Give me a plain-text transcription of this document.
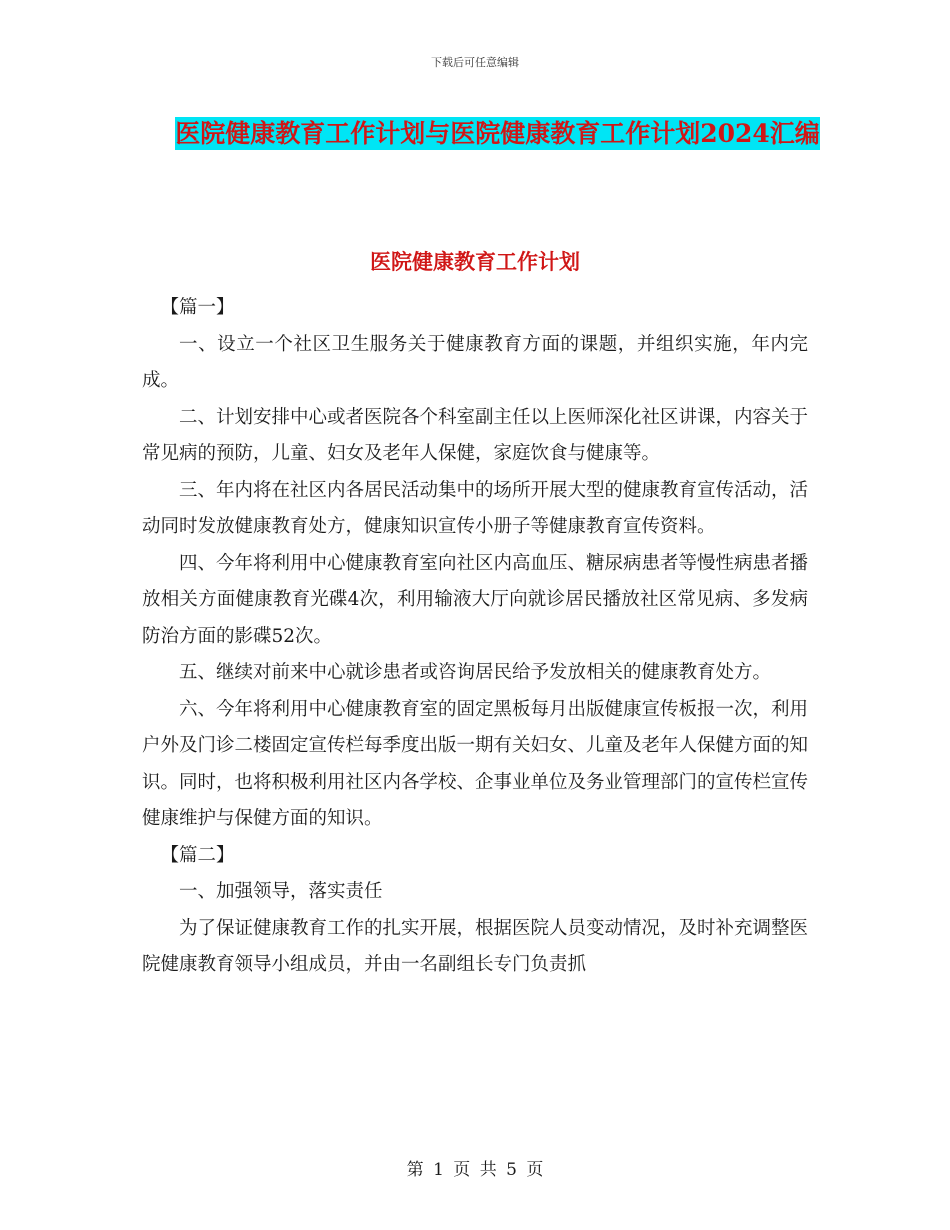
下载后可任意编辑
医院健康教育工作计划与医院健康教育工作计划2024汇编
医院健康教育工作计划

【篇一】

一、设立一个社区卫生服务关于健康教育方面的课题，并组织实施，年内完成。

二、计划安排中心或者医院各个科室副主任以上医师深化社区讲课，内容关于常见病的预防，儿童、妇女及老年人保健，家庭饮食与健康等。

三、年内将在社区内各居民活动集中的场所开展大型的健康教育宣传活动，活动同时发放健康教育处方，健康知识宣传小册子等健康教育宣传资料。

四、今年将利用中心健康教育室向社区内高血压、糖尿病患者等慢性病患者播放相关方面健康教育光碟4次，利用输液大厅向就诊居民播放社区常见病、多发病防治方面的影碟52次。

五、继续对前来中心就诊患者或咨询居民给予发放相关的健康教育处方。

六、今年将利用中心健康教育室的固定黑板每月出版健康宣传板报一次，利用户外及门诊二楼固定宣传栏每季度出版一期有关妇女、儿童及老年人保健方面的知识。同时，也将积极利用社区内各学校、企事业单位及务业管理部门的宣传栏宣传健康维护与保健方面的知识。

【篇二】

一、加强领导，落实责任

为了保证健康教育工作的扎实开展，根据医院人员变动情况，及时补充调整医院健康教育领导小组成员，并由一名副组长专门负责抓

第 1 页 共 5 页
